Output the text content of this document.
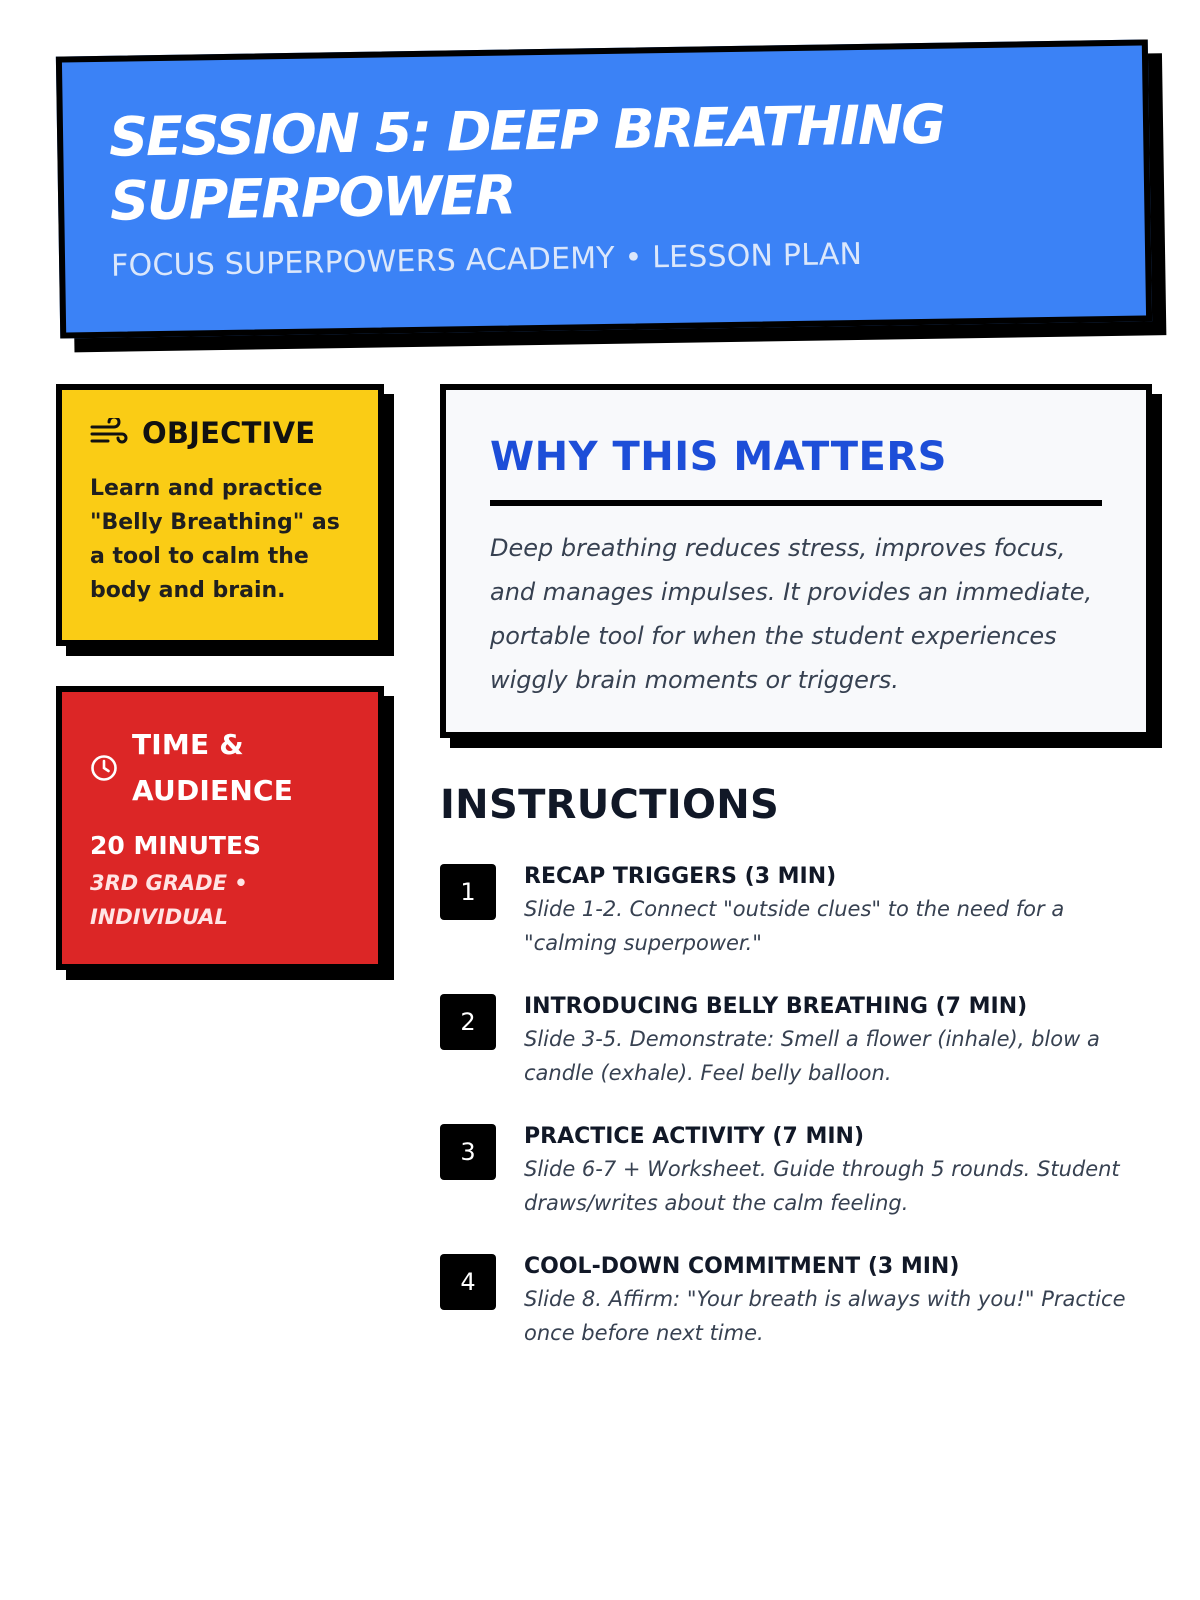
SESSION 5: DEEP BREATHING SUPERPOWER
FOCUS SUPERPOWERS ACADEMY • LESSON PLAN
OBJECTIVE

Learn and practice "Belly Breathing" as a tool to calm the body and brain.

TIME & AUDIENCE
20 MINUTES
3RD GRADE • INDIVIDUAL
WHY THIS MATTERS

Deep breathing reduces stress, improves focus, and manages impulses. It provides an immediate, portable tool for when the student experiences wiggly brain moments or triggers.

INSTRUCTIONS
1
RECAP TRIGGERS (3 MIN)
Slide 1-2. Connect "outside clues" to the need for a "calming superpower."
2
INTRODUCING BELLY BREATHING (7 MIN)
Slide 3-5. Demonstrate: Smell a flower (inhale), blow a candle (exhale). Feel belly balloon.
3
PRACTICE ACTIVITY (7 MIN)
Slide 6-7 + Worksheet. Guide through 5 rounds. Student draws/writes about the calm feeling.
4
COOL-DOWN COMMITMENT (3 MIN)
Slide 8. Affirm: "Your breath is always with you!" Practice once before next time.
